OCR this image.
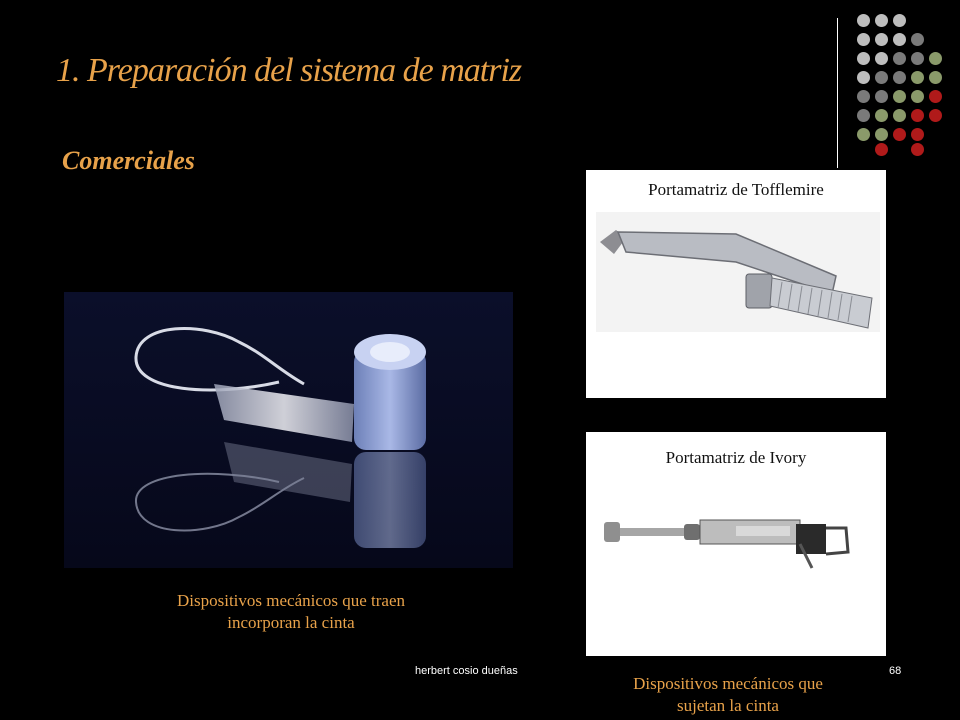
1. Preparación del sistema de matriz
Comerciales
Portamatriz de Tofflemire
Portamatriz de Ivory
Dispositivos mecánicos que traen
incorporan la cinta
Dispositivos mecánicos que
sujetan la cinta
herbert cosio dueñas	68
